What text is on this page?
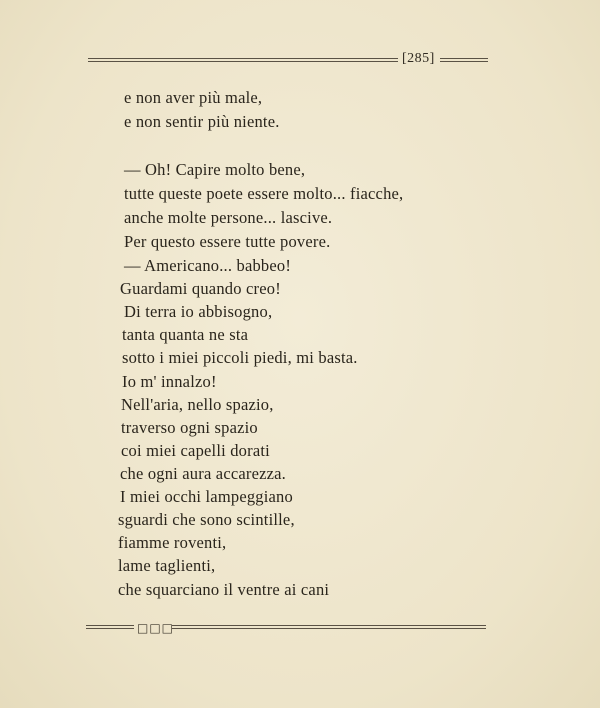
[285]
e non aver più male,
e non sentir più niente.
— Oh! Capire molto bene,
tutte queste poete essere molto... fiacche,
anche molte persone... lascive.
Per questo essere tutte povere.
— Americano... babbeo!
Guardami quando creo!
Di terra io abbisogno,
tanta quanta ne sta
sotto i miei piccoli piedi, mi basta.
Io m' innalzo!
Nell'aria, nello spazio,
traverso ogni spazio
coi miei capelli dorati
che ogni aura accarezza.
I miei occhi lampeggiano
sguardi che sono scintille,
fiamme roventi,
lame taglienti,
che squarciano il ventre ai cani
□□□
